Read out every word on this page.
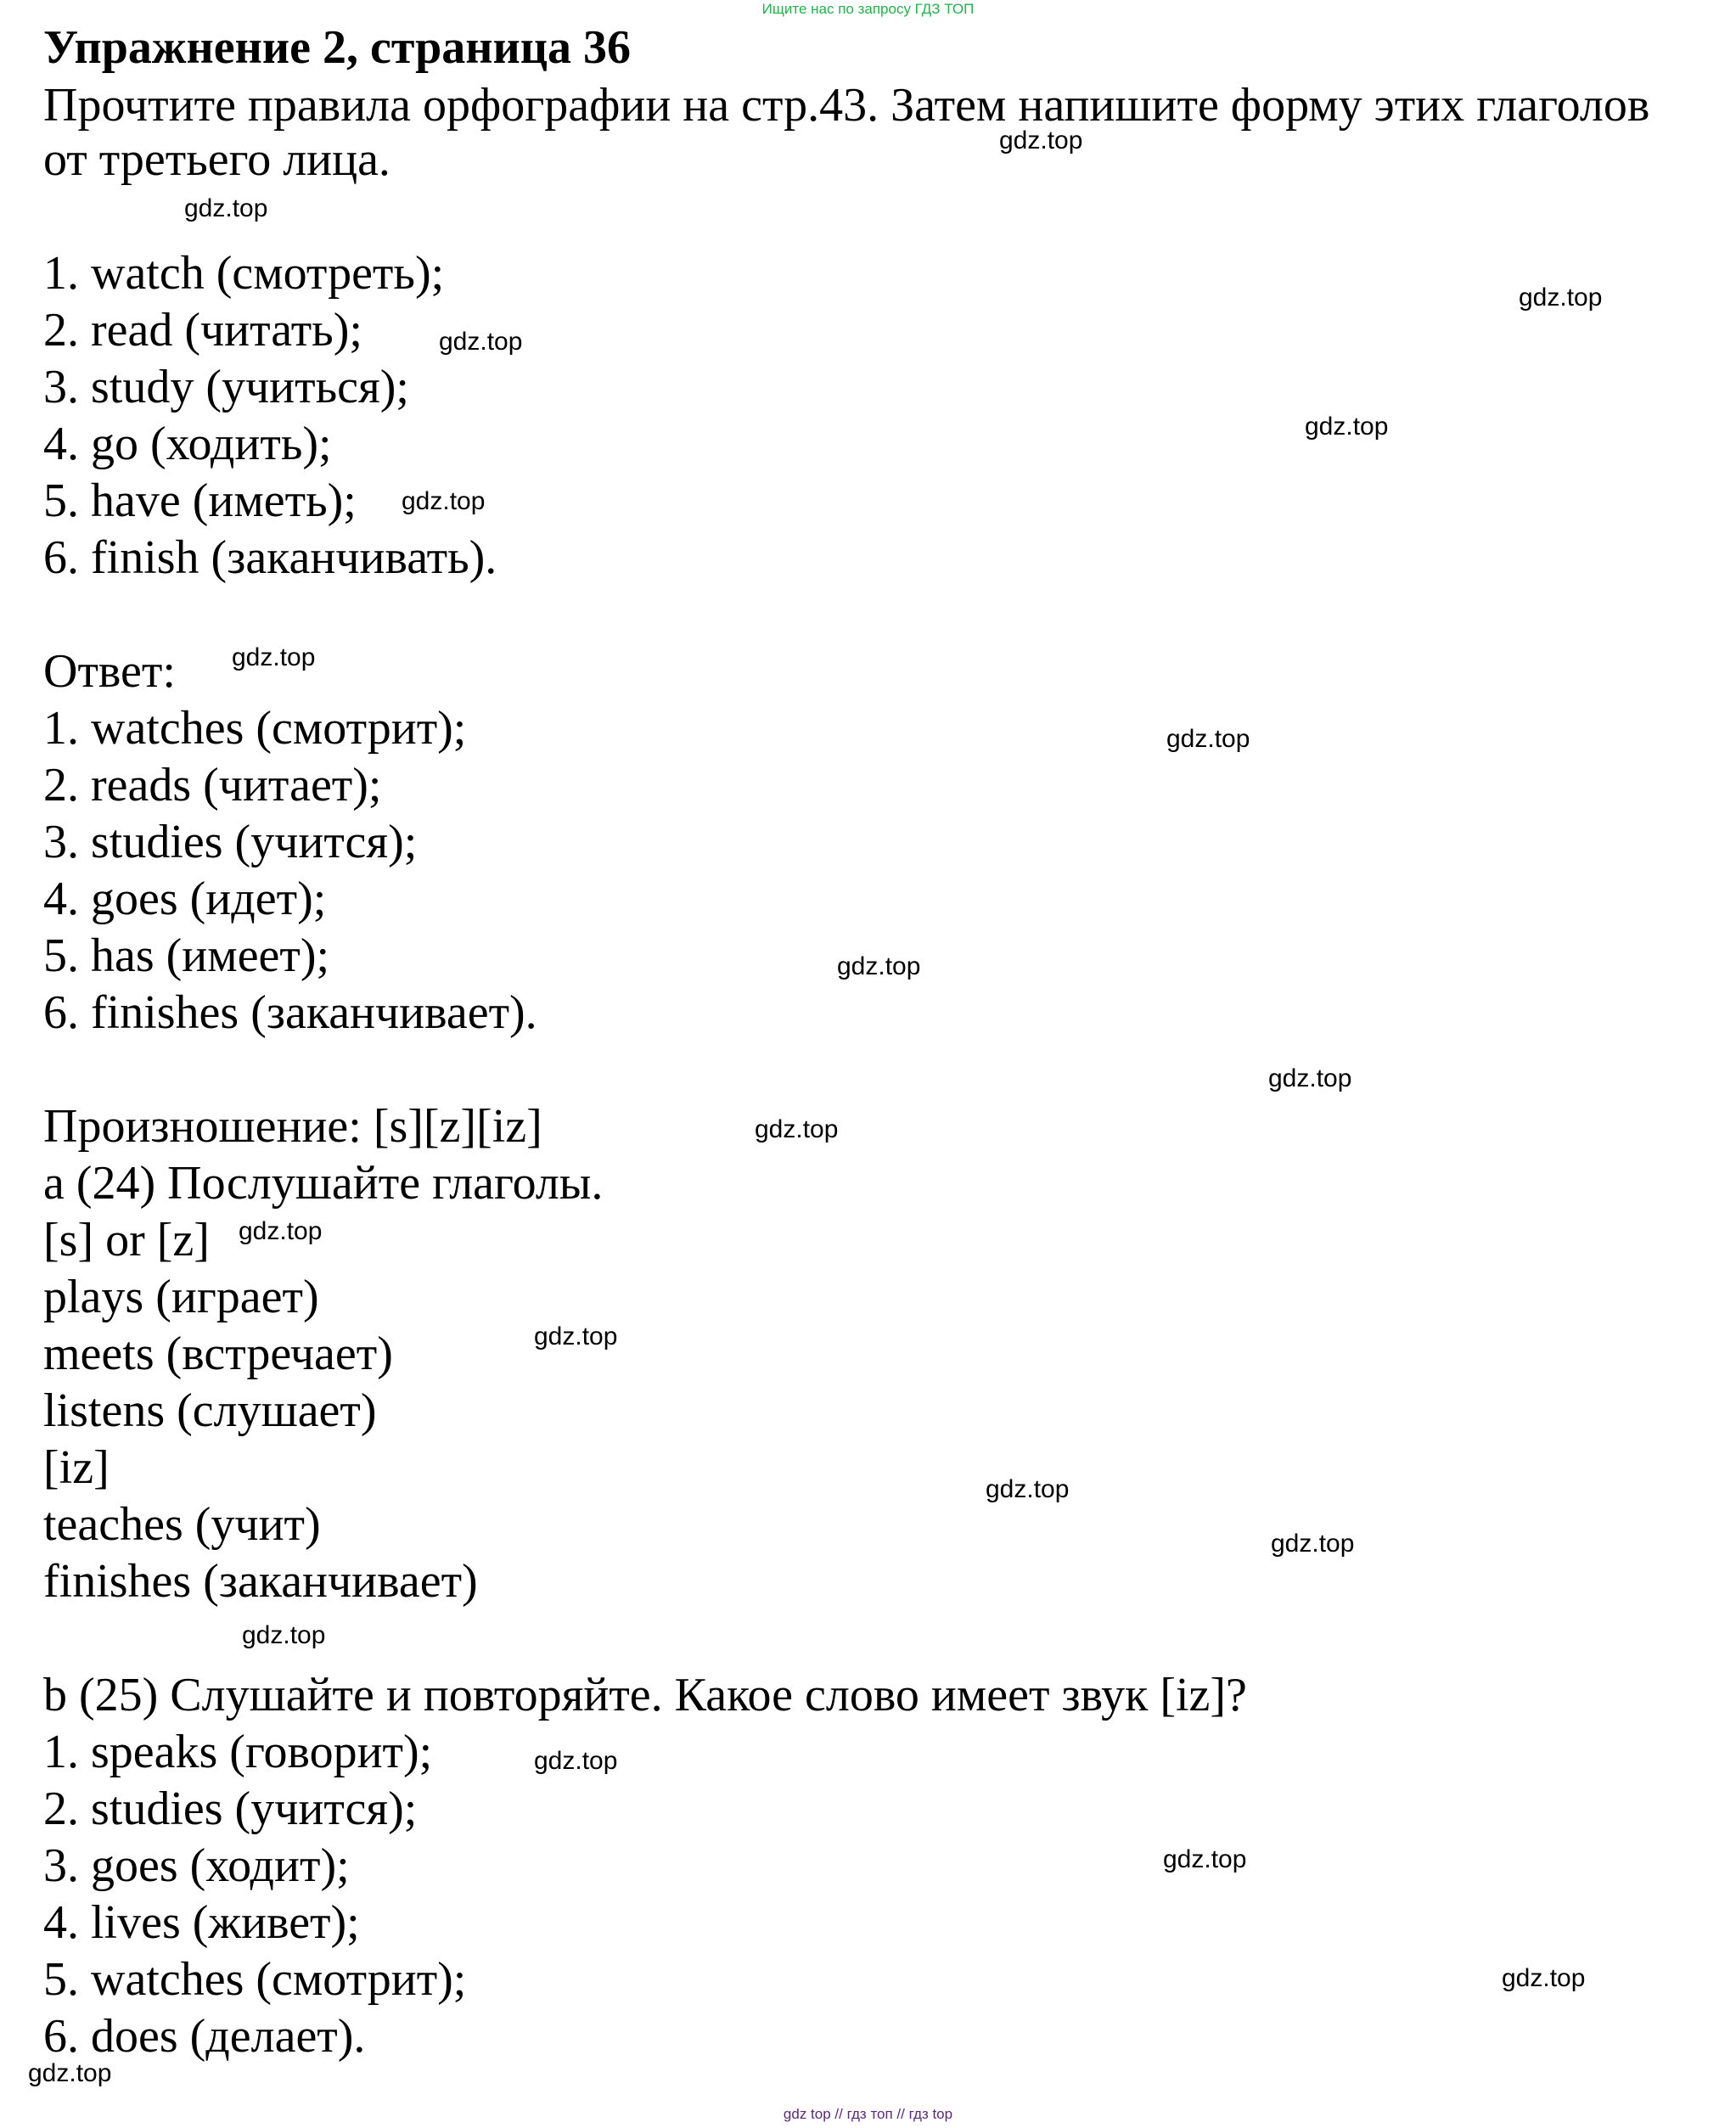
Ищите нас по запросу ГДЗ ТОП
Упражнение 2, страница 36
Прочтите правила орфографии на стр.43. Затем напишите форму этих глаголов
от третьего лица.
1. watch (смотреть);
2. read (читать);
3. study (учиться);
4. go (ходить);
5. have (иметь);
6. finish (заканчивать).
Ответ:
1. watches (смотрит);
2. reads (читает);
3. studies (учится);
4. goes (идет);
5. has (имеет);
6. finishes (заканчивает).
Произношение: [s][z][iz]
a (24) Послушайте глаголы.
[s] or [z]
plays (играет)
meets (встречает)
listens (слушает)
[iz]
teaches (учит)
finishes (заканчивает)
b (25) Слушайте и повторяйте. Какое слово имеет звук [iz]?
1. speaks (говорит);
2. studies (учится);
3. goes (ходит);
4. lives (живет);
5. watches (смотрит);
6. does (делает).
gdz.top
gdz.top
gdz.top
gdz.top
gdz.top
gdz.top
gdz.top
gdz.top
gdz.top
gdz.top
gdz.top
gdz.top
gdz.top
gdz.top
gdz.top
gdz.top
gdz.top
gdz.top
gdz.top
gdz.top
gdz top // гдз топ // гдз top
